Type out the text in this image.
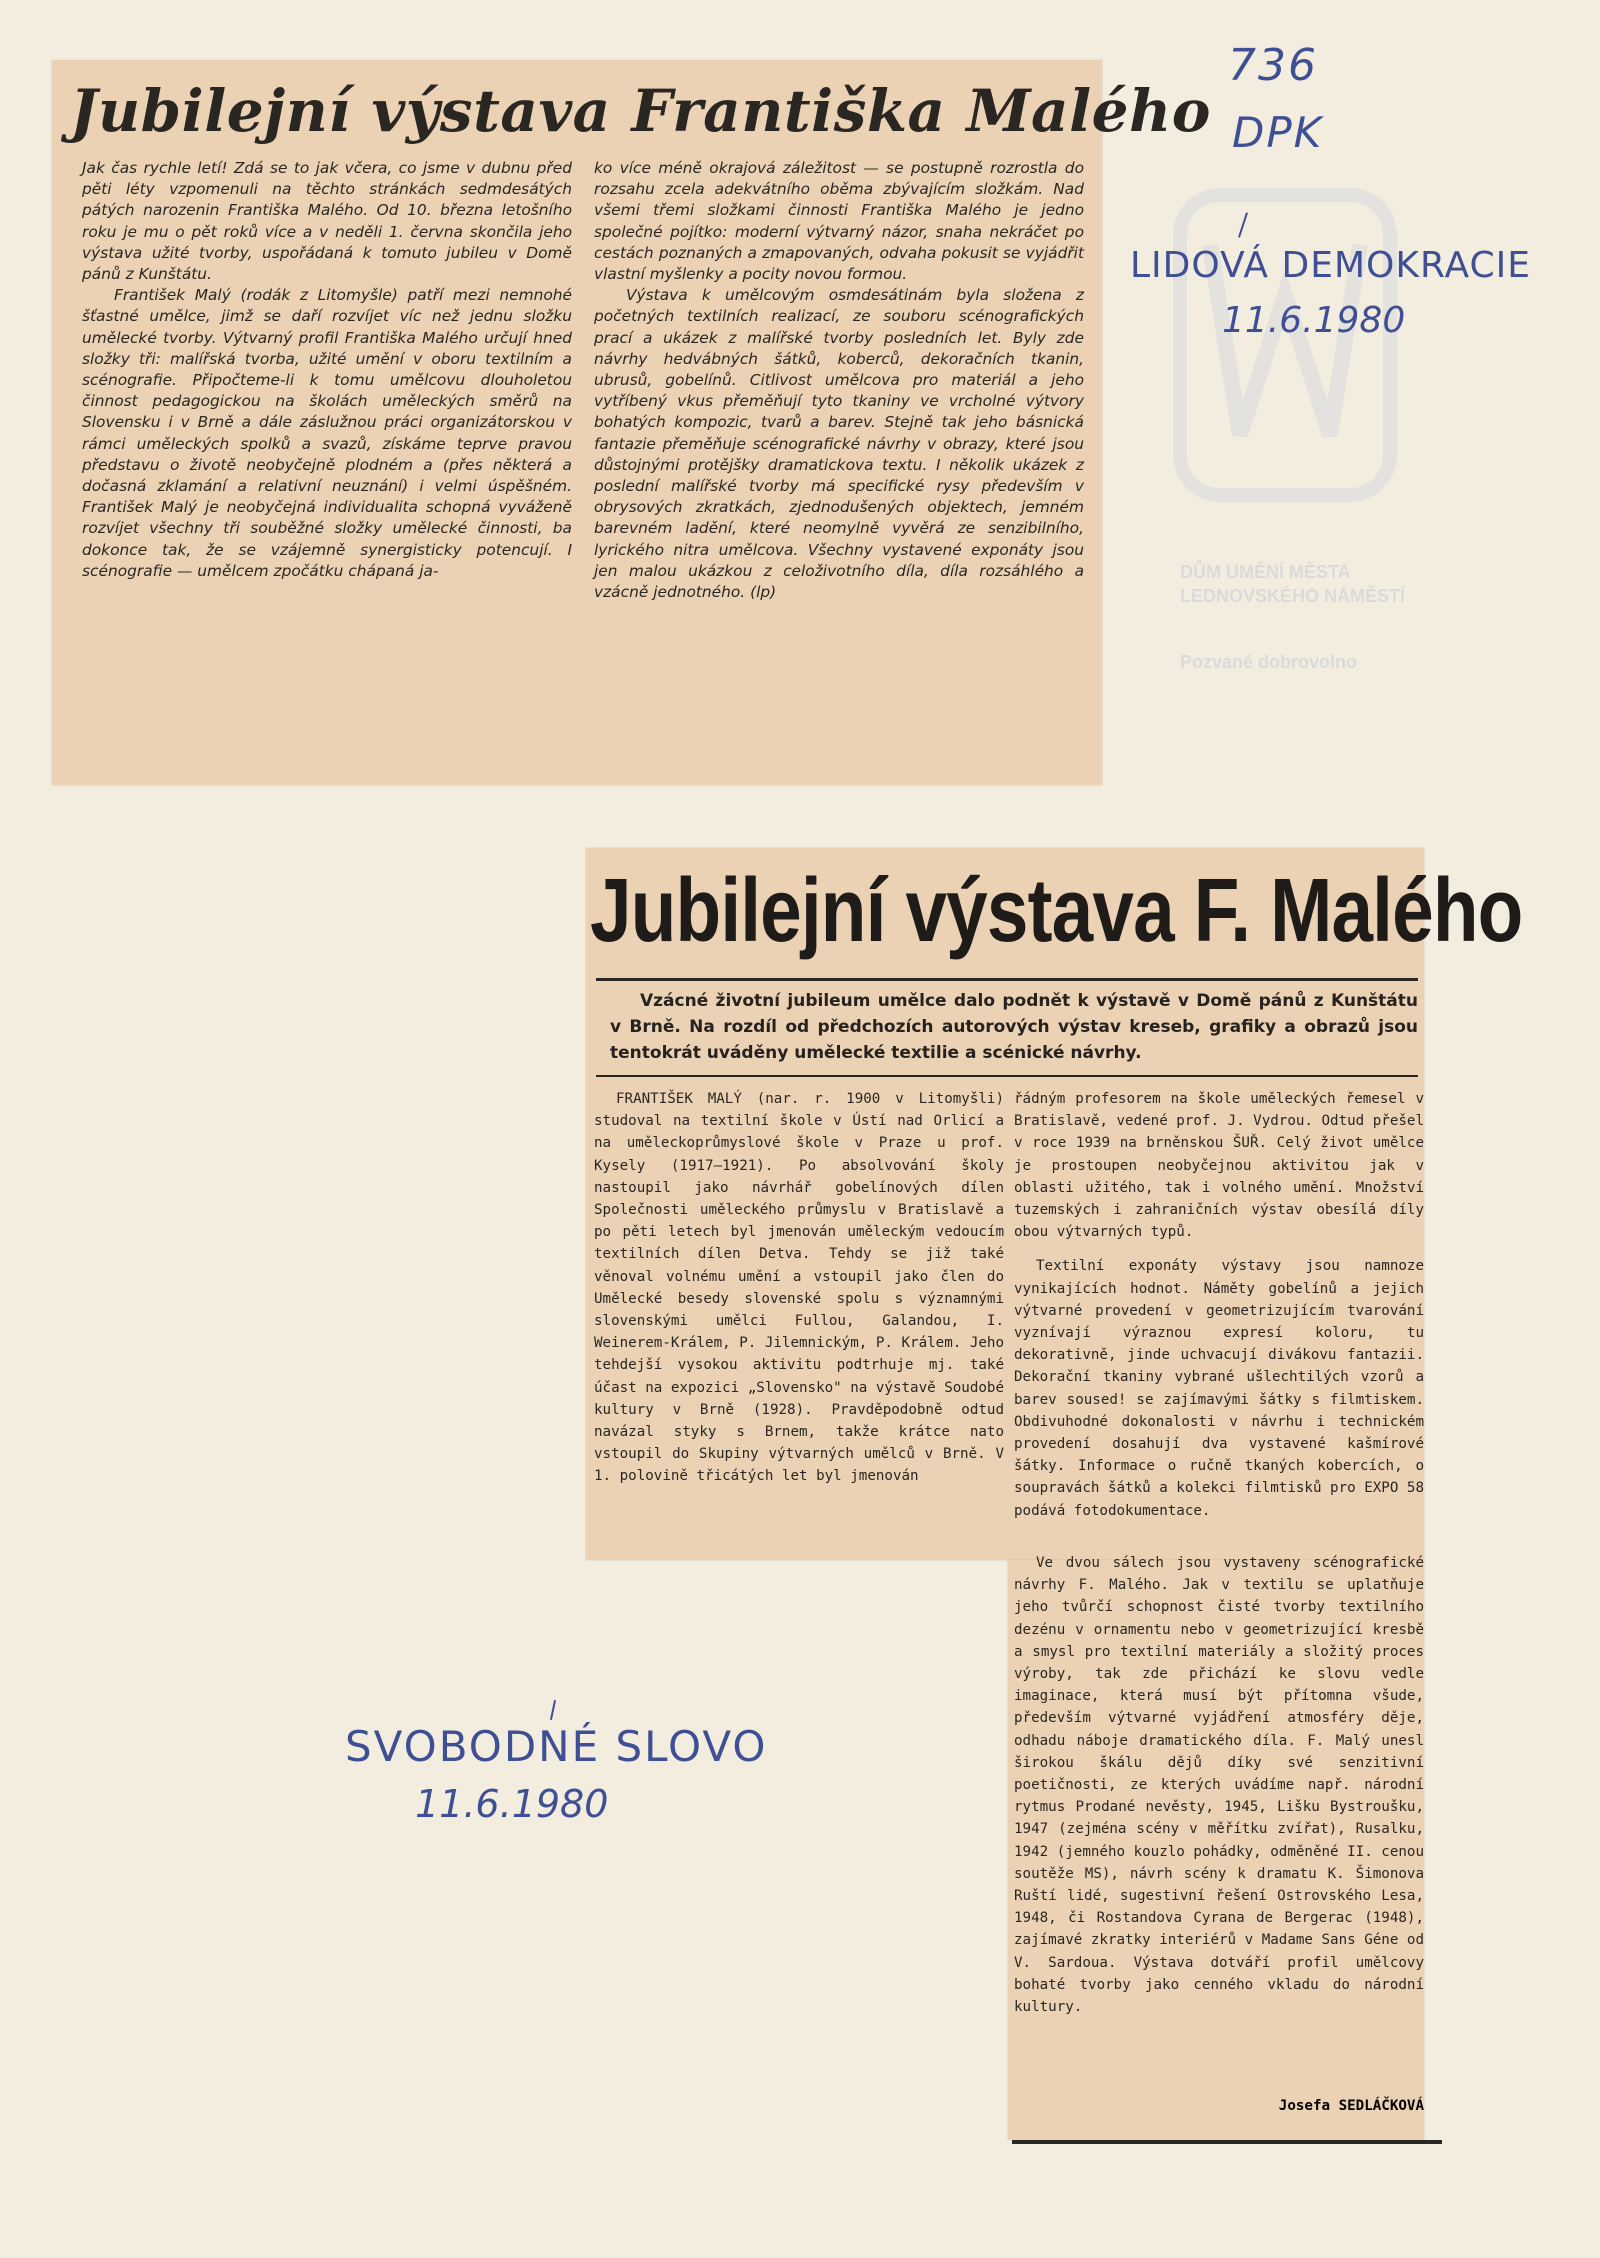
DŮM UMĚNÍ MĚSTA
LEDNOVSKÉHO NÁMĚSTÍ
Pozvané dobrovolno
Jubilejní výstava Františka Malého

Jak čas rychle letí! Zdá se to jak včera, co jsme v dubnu před pěti léty vzpomenuli na těchto stránkách sedmdesátých pátých narozenin Františka Malého. Od 10. března letošního roku je mu o pět roků více a v neděli 1. června skončila jeho výstava užité tvorby, uspořádaná k tomuto jubileu v Domě pánů z Kunštátu.

František Malý (rodák z Litomyšle) patří mezi nemnohé šťastné umělce, jimž se daří rozvíjet víc než jednu složku umělecké tvorby. Výtvarný profil Františka Malého určují hned složky tři: malířská tvorba, užité umění v oboru textilním a scénografie. Připočteme-li k tomu umělcovu dlouholetou činnost pedagogickou na školách uměleckých směrů na Slovensku i v Brně a dále záslužnou práci organizátorskou v rámci uměleckých spolků a svazů, získáme teprve pravou představu o životě neobyčejně plodném a (přes některá a dočasná zklamání a relativní neuznání) i velmi úspěšném. František Malý je neobyčejná individualita schopná vyváženě rozvíjet všechny tři souběžné složky umělecké činnosti, ba dokonce tak, že se vzájemně synergisticky potencují. I scénografie — umělcem zpočátku chápaná ja-

ko více méně okrajová záležitost — se postupně rozrostla do rozsahu zcela adekvátního oběma zbývajícím složkám. Nad všemi třemi složkami činnosti Františka Malého je jedno společné pojítko: moderní výtvarný názor, snaha nekráčet po cestách poznaných a zmapovaných, odvaha pokusit se vyjádřit vlastní myšlenky a pocity novou formou.

Výstava k umělcovým osmdesátinám byla složena z početných textilních realizací, ze souboru scénografických prací a ukázek z malířské tvorby posledních let. Byly zde návrhy hedvábných šátků, koberců, dekoračních tkanin, ubrusů, gobelínů. Citlivost umělcova pro materiál a jeho vytříbený vkus přeměňují tyto tkaniny ve vrcholné výtvory bohatých kompozic, tvarů a barev. Stejně tak jeho básnická fantazie přeměňuje scénografické návrhy v obrazy, které jsou důstojnými protějšky dramatickova textu. I několik ukázek z poslední malířské tvorby má specifické rysy především v obrysových zkratkách, zjednodušených objektech, jemném barevném ladění, které neomylně vyvěrá ze senzibilního, lyrického nitra umělcova. Všechny vystavené exponáty jsou jen malou ukázkou z celoživotního díla, díla rozsáhlého a vzácně jednotného. (lp)

Jubilejní výstava F. Malého
Vzácné životní jubileum umělce dalo podnět k výstavě v Domě pánů z Kunštátu v Brně. Na rozdíl od předchozích autorových výstav kreseb, grafiky a obrazů jsou tentokrát uváděny umělecké textilie a scénické návrhy.

FRANTIŠEK MALÝ (nar. r. 1900 v Litomyšli) studoval na textilní škole v Ústí nad Orlicí a na uměleckoprůmyslové škole v Praze u prof. Kysely (1917—1921). Po absolvování školy nastoupil jako návrhář gobelínových dílen Společnosti uměleckého průmyslu v Bratislavě a po pěti letech byl jmenován uměleckým vedoucím textilních dílen Detva. Tehdy se již také věnoval volnému umění a vstoupil jako člen do Umělecké besedy slovenské spolu s významnými slovenskými umělci Fullou, Galandou, I. Weinerem-Králem, P. Jilemnickým, P. Králem. Jeho tehdejší vysokou aktivitu podtrhuje mj. také účast na expozici „Slovensko" na výstavě Soudobé kultury v Brně (1928). Pravděpodobně odtud navázal styky s Brnem, takže krátce nato vstoupil do Skupiny výtvarných umělců v Brně. V 1. polovině třicátých let byl jmenován

řádným profesorem na škole uměleckých řemesel v Bratislavě, vedené prof. J. Vydrou. Odtud přešel v roce 1939 na brněnskou ŠUŘ. Celý život umělce je prostoupen neobyčejnou aktivitou jak v oblasti užitého, tak i volného umění. Množství tuzemských i zahraničních výstav obesílá díly obou výtvarných typů.

Textilní exponáty výstavy jsou namnoze vynikajících hodnot. Náměty gobelínů a jejich výtvarné provedení v geometrizujícím tvarování vyznívají výraznou expresí koloru, tu dekorativně, jinde uchvacují divákovu fantazii. Dekorační tkaniny vybrané ušlechtilých vzorů a barev soused! se zajímavými šátky s filmtiskem. Obdivuhodné dokonalosti v návrhu i technickém provedení dosahují dva vystavené kašmírové šátky. Informace o ručně tkaných kobercích, o soupravách šátků a kolekci filmtisků pro EXPO 58 podává fotodokumentace.

Ve dvou sálech jsou vystaveny scénografické návrhy F. Malého. Jak v textilu se uplatňuje jeho tvůrčí schopnost čisté tvorby textilního dezénu v ornamentu nebo v geometrizující kresbě a smysl pro textilní materiály a složitý proces výroby, tak zde přichází ke slovu vedle imaginace, která musí být přítomna všude, především výtvarné vyjádření atmosféry děje, odhadu náboje dramatického díla. F. Malý unesl širokou škálu dějů díky své senzitivní poetičnosti, ze kterých uvádíme např. národní rytmus Prodané nevěsty, 1945, Lišku Bystroušku, 1947 (zejména scény v měřítku zvířat), Rusalku, 1942 (jemného kouzlo pohádky, odměněné II. cenou soutěže MS), návrh scény k dramatu K. Šimonova Ruští lidé, sugestivní řešení Ostrovského Lesa, 1948, či Rostandova Cyrana de Bergerac (1948), zajímavé zkratky interiérů v Madame Sans Géne od V. Sardoua. Výstava dotváří profil umělcovy bohaté tvorby jako cenného vkladu do národní kultury.

Josefa SEDLÁČKOVÁ
736
DPK
LIDOVÁ DEMOKRACIE
11.6.1980
SVOBODNÉ SLOVO
11.6.1980
